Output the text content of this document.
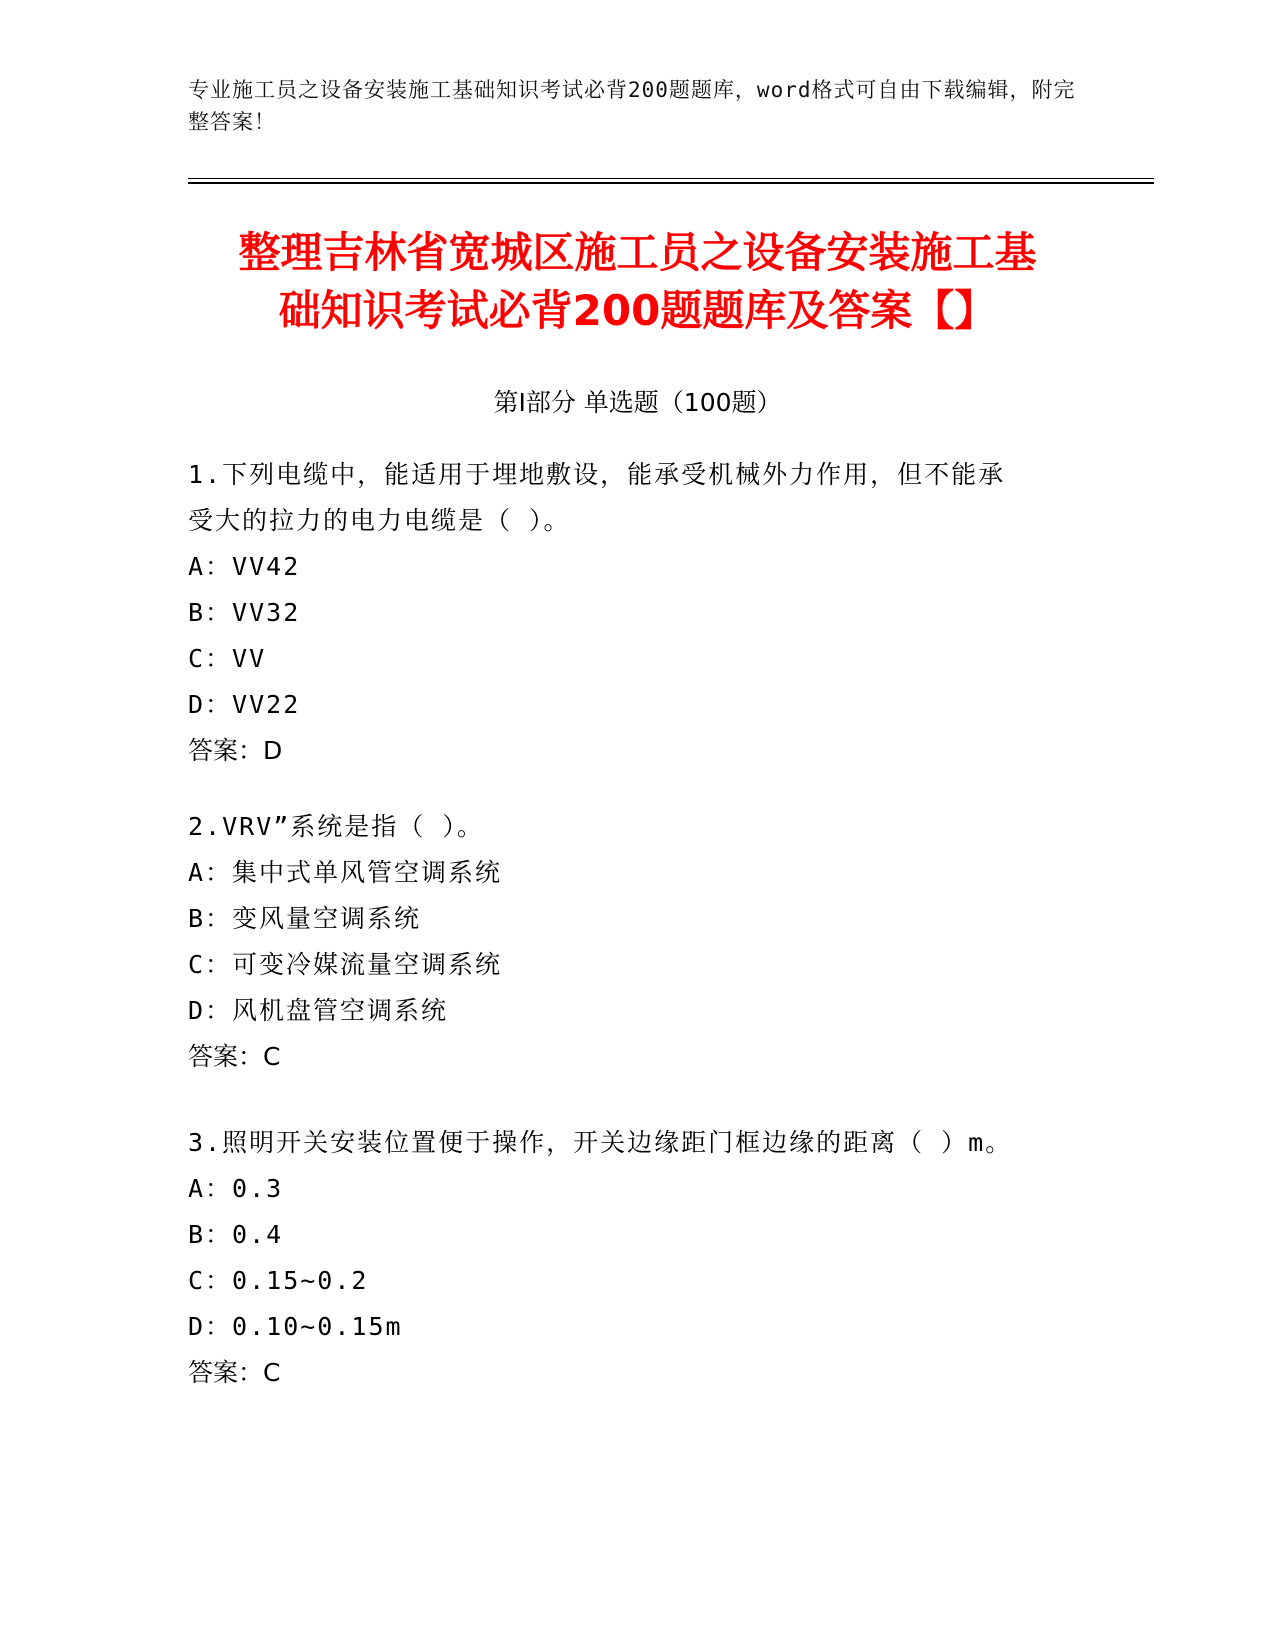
专业施工员之设备安装施工基础知识考试必背200题题库，word格式可自由下载编辑，附完整答案！
整理吉林省宽城区施工员之设备安装施工基
础知识考试必背200题题库及答案【】
第I部分 单选题（100题）

1.下列电缆中，能适用于埋地敷设，能承受机械外力作用，但不能承

受大的拉力的电力电缆是（ ）。

A：VV42

B：VV32

C：VV

D：VV22

答案：D

2.VRV”系统是指（ ）。

A：集中式单风管空调系统

B：变风量空调系统

C：可变冷媒流量空调系统

D：风机盘管空调系统

答案：C

3.照明开关安装位置便于操作，开关边缘距门框边缘的距离（ ）m。

A：0.3

B：0.4

C：0.15~0.2

D：0.10~0.15m

答案：C
